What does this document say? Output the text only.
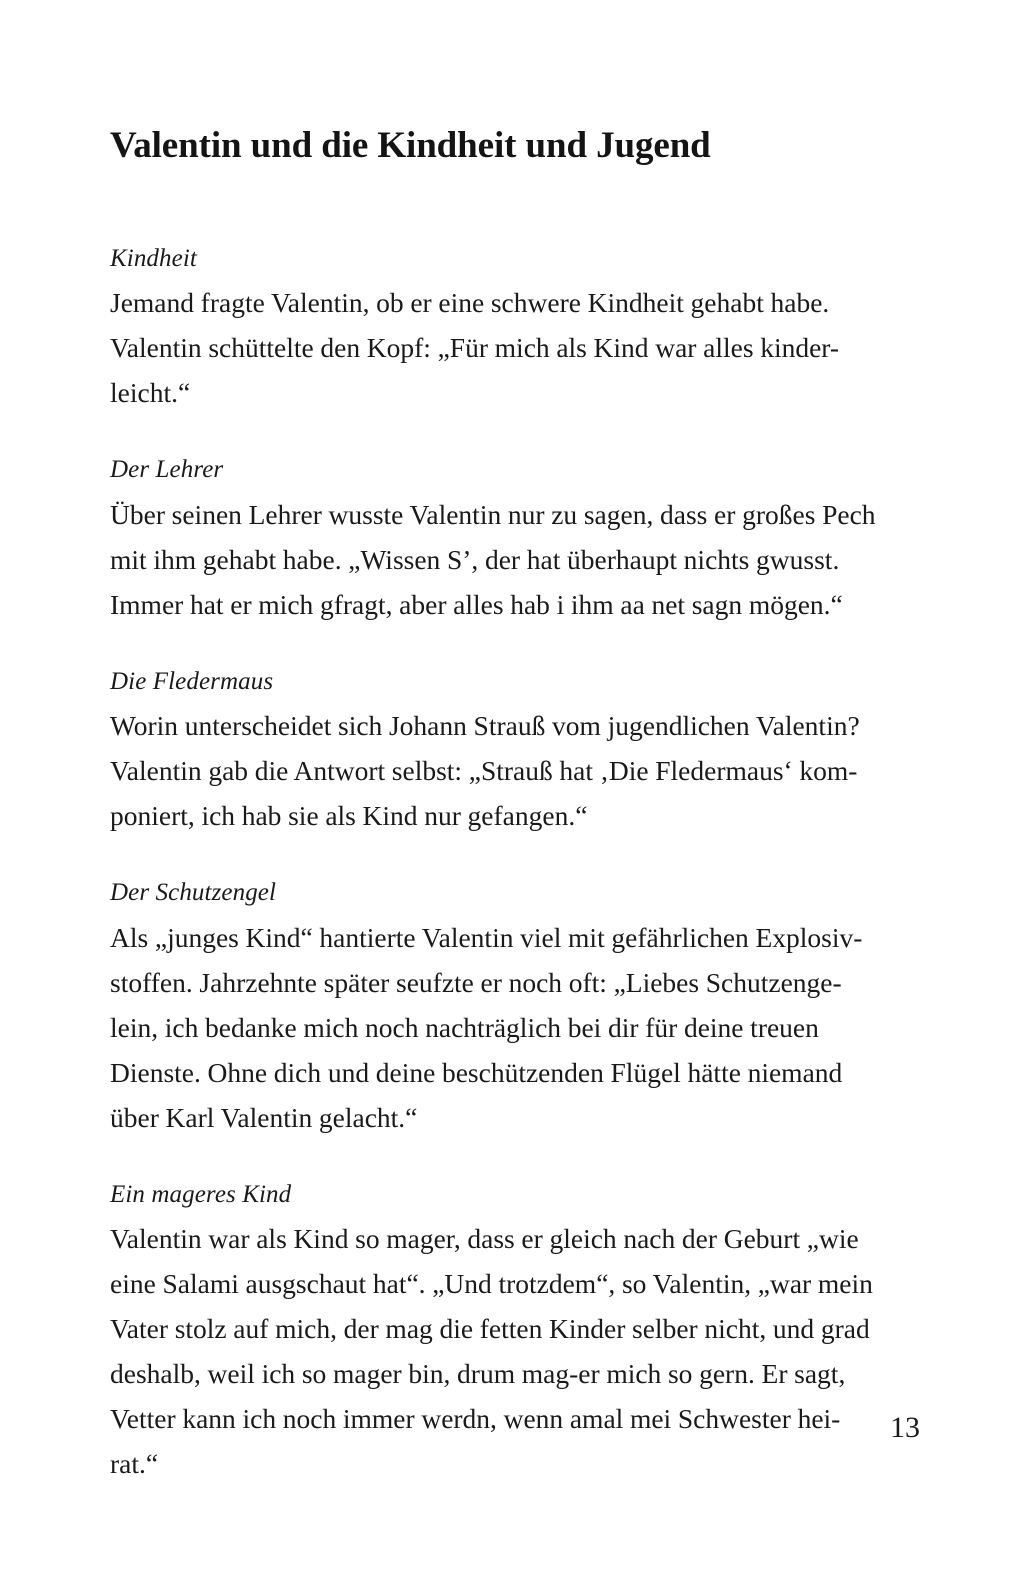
Valentin und die Kindheit und Jugend
Kindheit

Jemand fragte Valentin, ob er eine schwere Kindheit gehabt habe.
Valentin schüttelte den Kopf: „Für mich als Kind war alles kinder-
leicht.“

Der Lehrer

Über seinen Lehrer wusste Valentin nur zu sagen, dass er großes Pech
mit ihm gehabt habe. „Wissen S’, der hat überhaupt nichts gwusst.
Immer hat er mich gfragt, aber alles hab i ihm aa net sagn mögen.“

Die Fledermaus

Worin unterscheidet sich Johann Strauß vom jugendlichen Valentin?
Valentin gab die Antwort selbst: „Strauß hat ‚Die Fledermaus‘ kom-
poniert, ich hab sie als Kind nur gefangen.“

Der Schutzengel

Als „junges Kind“ hantierte Valentin viel mit gefährlichen Explosiv-
stoffen. Jahrzehnte später seufzte er noch oft: „Liebes Schutzenge-
lein, ich bedanke mich noch nachträglich bei dir für deine treuen
Dienste. Ohne dich und deine beschützenden Flügel hätte niemand
über Karl Valentin gelacht.“

Ein mageres Kind

Valentin war als Kind so mager, dass er gleich nach der Geburt „wie
eine Salami ausgschaut hat“. „Und trotzdem“, so Valentin, „war mein
Vater stolz auf mich, der mag die fetten Kinder selber nicht, und grad
deshalb, weil ich so mager bin, drum mag-er mich so gern. Er sagt,
Vetter kann ich noch immer werdn, wenn amal mei Schwester hei-
rat.“

13
